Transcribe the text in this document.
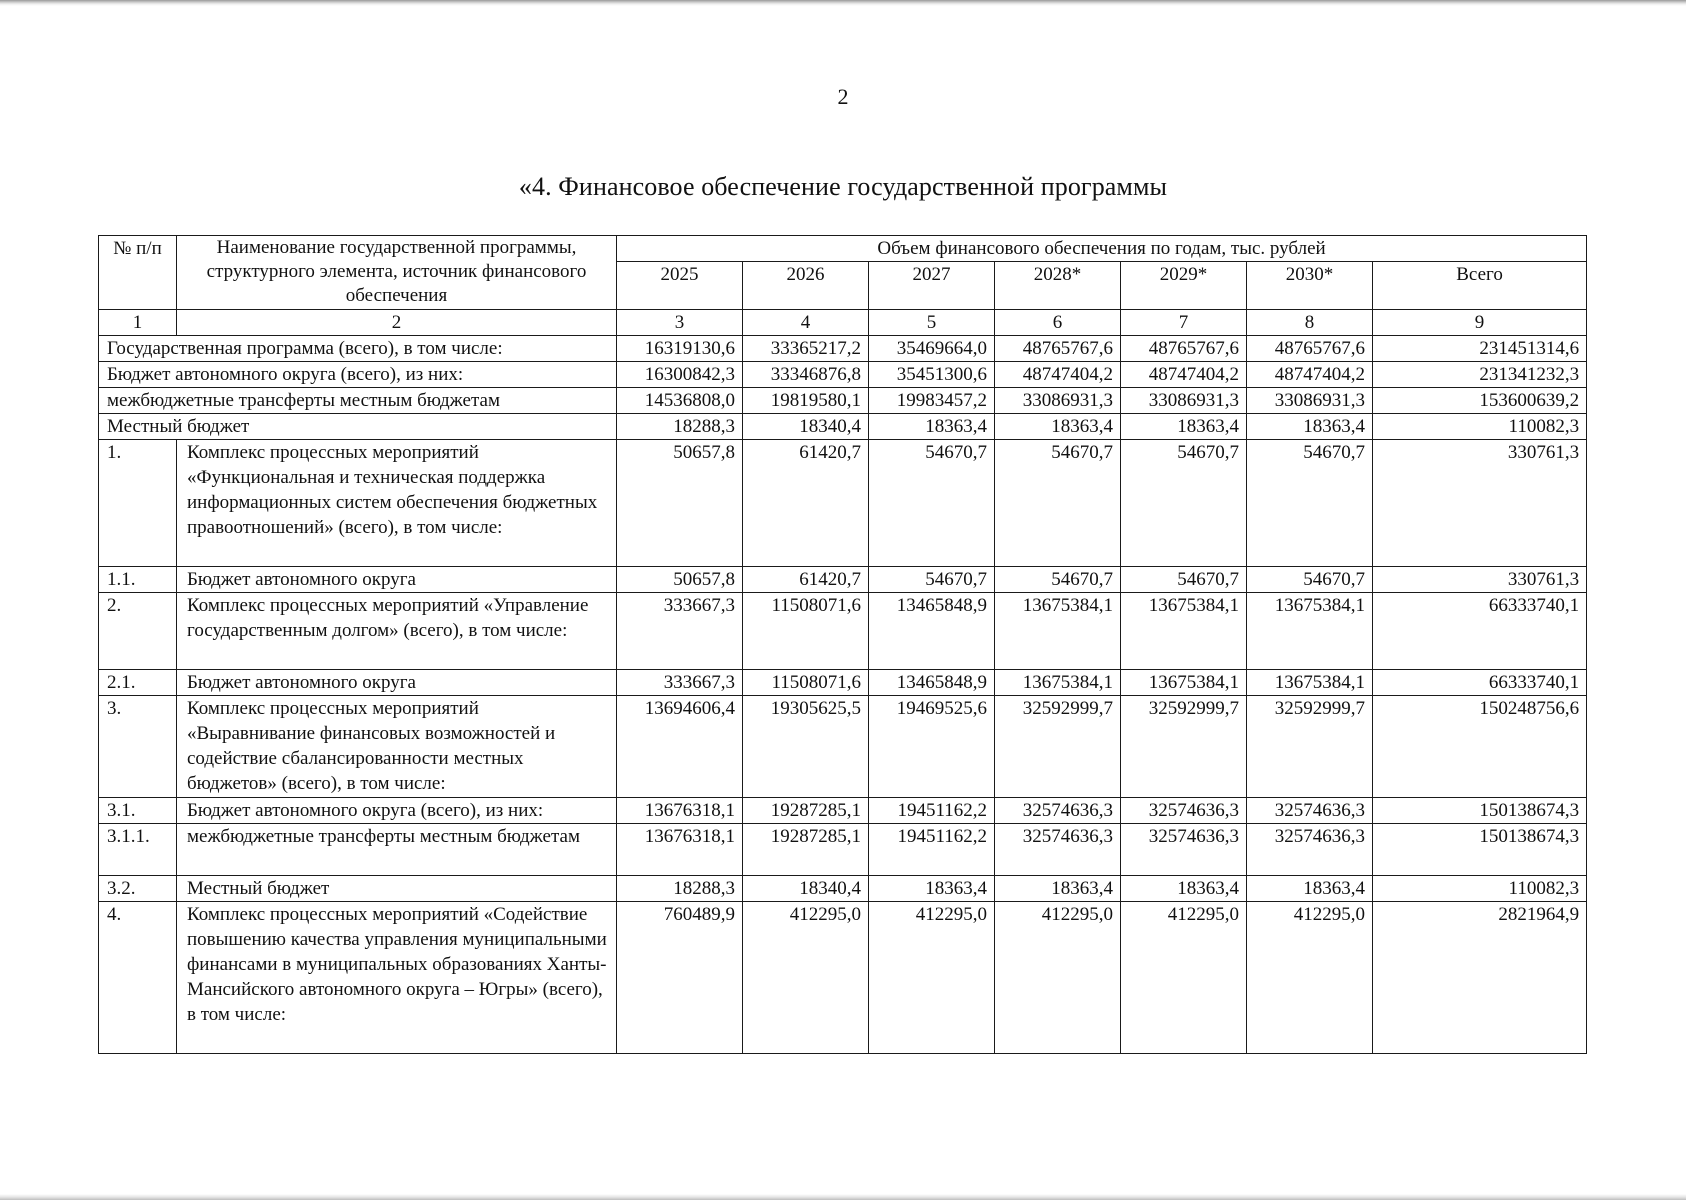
2
«4. Финансовое обеспечение государственной программы
№ п/п	Наименование государственной программы, структурного элемента, источник финансового обеспечения	Объем финансового обеспечения по годам, тыс. рублей						
		2025	2026	2027	2028*	2029*	2030*	Всего
1	2	3	4	5	6	7	8	9
Государственная программа (всего), в том числе:		16319130,6	33365217,2	35469664,0	48765767,6	48765767,6	48765767,6	231451314,6
Бюджет автономного округа (всего), из них:		16300842,3	33346876,8	35451300,6	48747404,2	48747404,2	48747404,2	231341232,3
межбюджетные трансферты местным бюджетам		14536808,0	19819580,1	19983457,2	33086931,3	33086931,3	33086931,3	153600639,2
Местный бюджет		18288,3	18340,4	18363,4	18363,4	18363,4	18363,4	110082,3
1.	Комплекс процессных мероприятий «Функциональная и техническая поддержка информационных систем обеспечения бюджетных правоотношений» (всего), в том числе:	50657,8	61420,7	54670,7	54670,7	54670,7	54670,7	330761,3
1.1.	Бюджет автономного округа	50657,8	61420,7	54670,7	54670,7	54670,7	54670,7	330761,3
2.	Комплекс процессных мероприятий «Управление государственным долгом» (всего), в том числе:	333667,3	11508071,6	13465848,9	13675384,1	13675384,1	13675384,1	66333740,1
2.1.	Бюджет автономного округа	333667,3	11508071,6	13465848,9	13675384,1	13675384,1	13675384,1	66333740,1
3.	Комплекс процессных мероприятий «Выравнивание финансовых возможностей и содействие сбалансированности местных бюджетов» (всего), в том числе:	13694606,4	19305625,5	19469525,6	32592999,7	32592999,7	32592999,7	150248756,6
3.1.	Бюджет автономного округа (всего), из них:	13676318,1	19287285,1	19451162,2	32574636,3	32574636,3	32574636,3	150138674,3
3.1.1.	межбюджетные трансферты местным бюджетам	13676318,1	19287285,1	19451162,2	32574636,3	32574636,3	32574636,3	150138674,3
3.2.	Местный бюджет	18288,3	18340,4	18363,4	18363,4	18363,4	18363,4	110082,3
4.	Комплекс процессных мероприятий «Содействие повышению качества управления муниципальными финансами в муниципальных образованиях Ханты-Мансийского автономного округа – Югры» (всего), в том числе:	760489,9	412295,0	412295,0	412295,0	412295,0	412295,0	2821964,9
